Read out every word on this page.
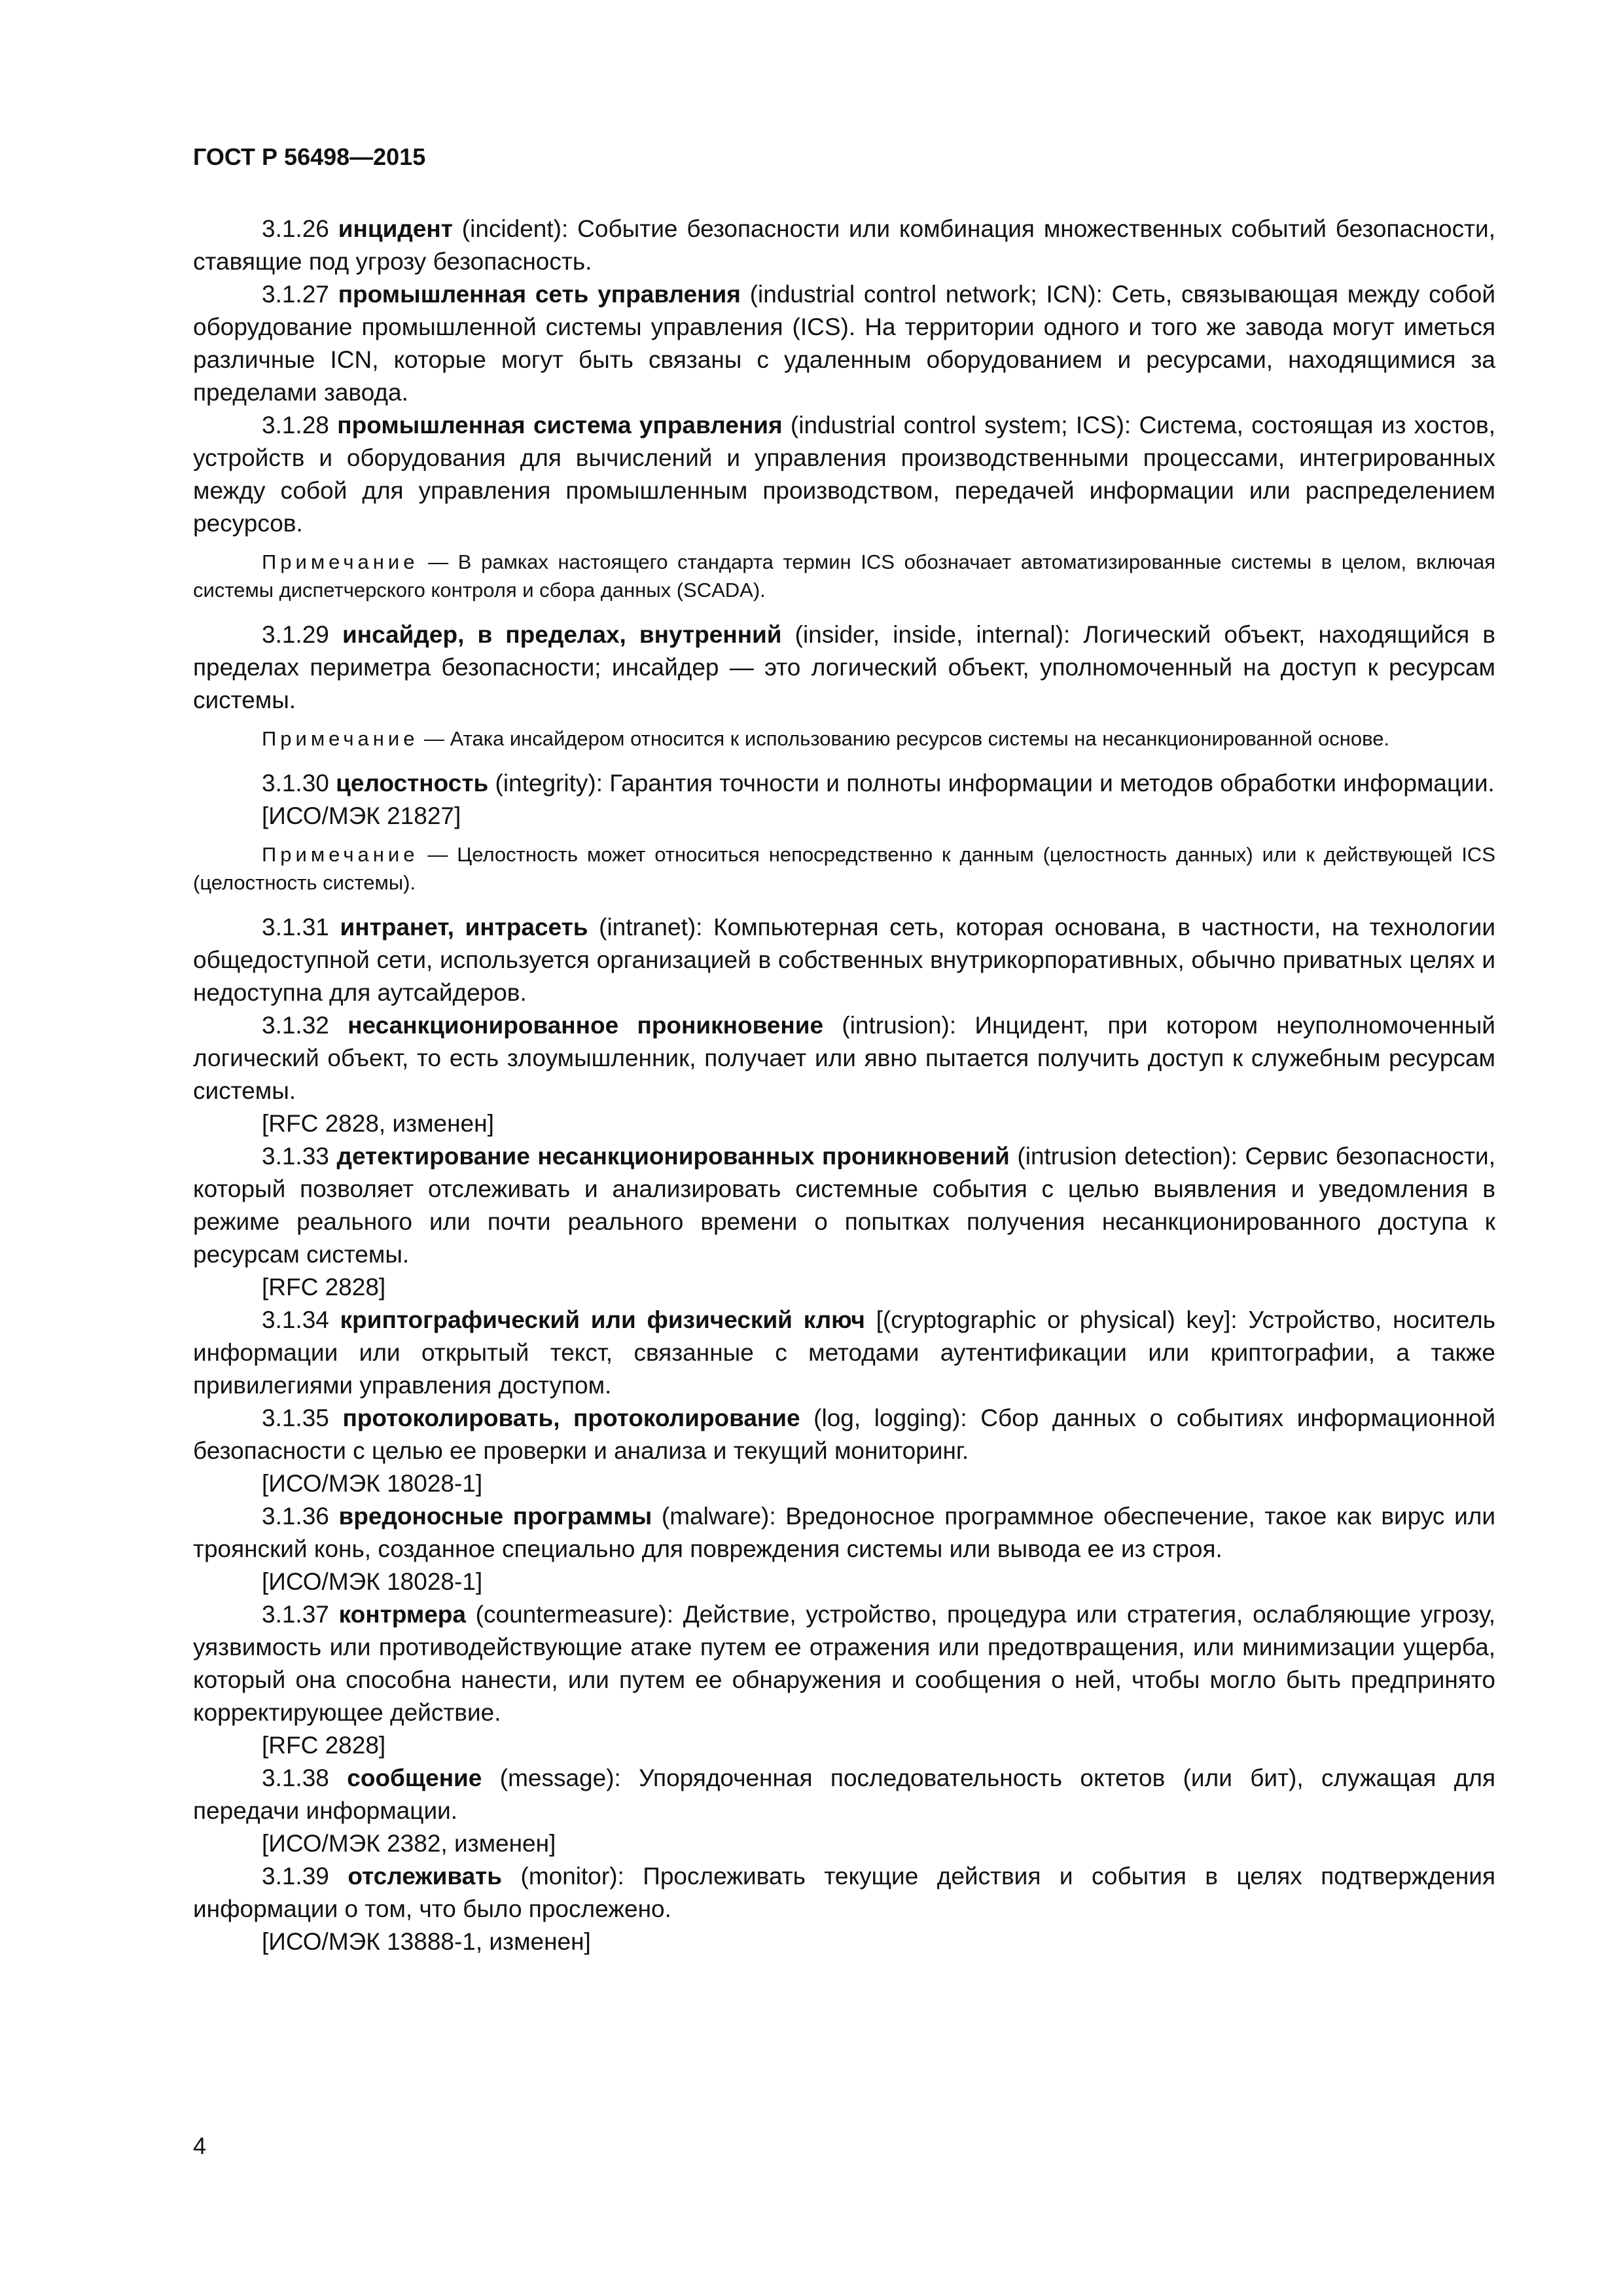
ГОСТ Р 56498—2015

3.1.26 инцидент (incident): Событие безопасности или комбинация множественных событий безопасности, ставящие под угрозу безопасность.

3.1.27 промышленная сеть управления (industrial control network; ICN): Сеть, связывающая между собой оборудование промышленной системы управления (ICS). На территории одного и того же завода могут иметься различные ICN, которые могут быть связаны с удаленным оборудованием и ресурсами, находящимися за пределами завода.

3.1.28 промышленная система управления (industrial control system; ICS): Система, состоящая из хостов, устройств и оборудования для вычислений и управления производственными процессами, интегрированных между собой для управления промышленным производством, передачей информации или распределением ресурсов.

Примечание — В рамках настоящего стандарта термин ICS обозначает автоматизированные системы в целом, включая системы диспетчерского контроля и сбора данных (SCADA).

3.1.29 инсайдер, в пределах, внутренний (insider, inside, internal): Логический объект, находящийся в пределах периметра безопасности; инсайдер — это логический объект, уполномоченный на доступ к ресурсам системы.

Примечание — Атака инсайдером относится к использованию ресурсов системы на несанкционированной основе.

3.1.30 целостность (integrity): Гарантия точности и полноты информации и методов обработки информации.

[ИСО/МЭК 21827]

Примечание — Целостность может относиться непосредственно к данным (целостность данных) или к действующей ICS (целостность системы).

3.1.31 интранет, интрасеть (intranet): Компьютерная сеть, которая основана, в частности, на технологии общедоступной сети, используется организацией в собственных внутрикорпоративных, обычно приватных целях и недоступна для аутсайдеров.

3.1.32 несанкционированное проникновение (intrusion): Инцидент, при котором неуполномоченный логический объект, то есть злоумышленник, получает или явно пытается получить доступ к служебным ресурсам системы.

[RFC 2828, изменен]

3.1.33 детектирование несанкционированных проникновений (intrusion detection): Сервис безопасности, который позволяет отслеживать и анализировать системные события с целью выявления и уведомления в режиме реального или почти реального времени о попытках получения несанкционированного доступа к ресурсам системы.

[RFC 2828]

3.1.34 криптографический или физический ключ [(cryptographic or physical) key]: Устройство, носитель информации или открытый текст, связанные с методами аутентификации или криптографии, а также привилегиями управления доступом.

3.1.35 протоколировать, протоколирование (log, logging): Сбор данных о событиях информационной безопасности с целью ее проверки и анализа и текущий мониторинг.

[ИСО/МЭК 18028-1]

3.1.36 вредоносные программы (malware): Вредоносное программное обеспечение, такое как вирус или троянский конь, созданное специально для повреждения системы или вывода ее из строя.

[ИСО/МЭК 18028-1]

3.1.37 контрмера (countermeasure): Действие, устройство, процедура или стратегия, ослабляющие угрозу, уязвимость или противодействующие атаке путем ее отражения или предотвращения, или минимизации ущерба, который она способна нанести, или путем ее обнаружения и сообщения о ней, чтобы могло быть предпринято корректирующее действие.

[RFC 2828]

3.1.38 сообщение (message): Упорядоченная последовательность октетов (или бит), служащая для передачи информации.

[ИСО/МЭК 2382, изменен]

3.1.39 отслеживать (monitor): Прослеживать текущие действия и события в целях подтверждения информации о том, что было прослежено.

[ИСО/МЭК 13888-1, изменен]

4
